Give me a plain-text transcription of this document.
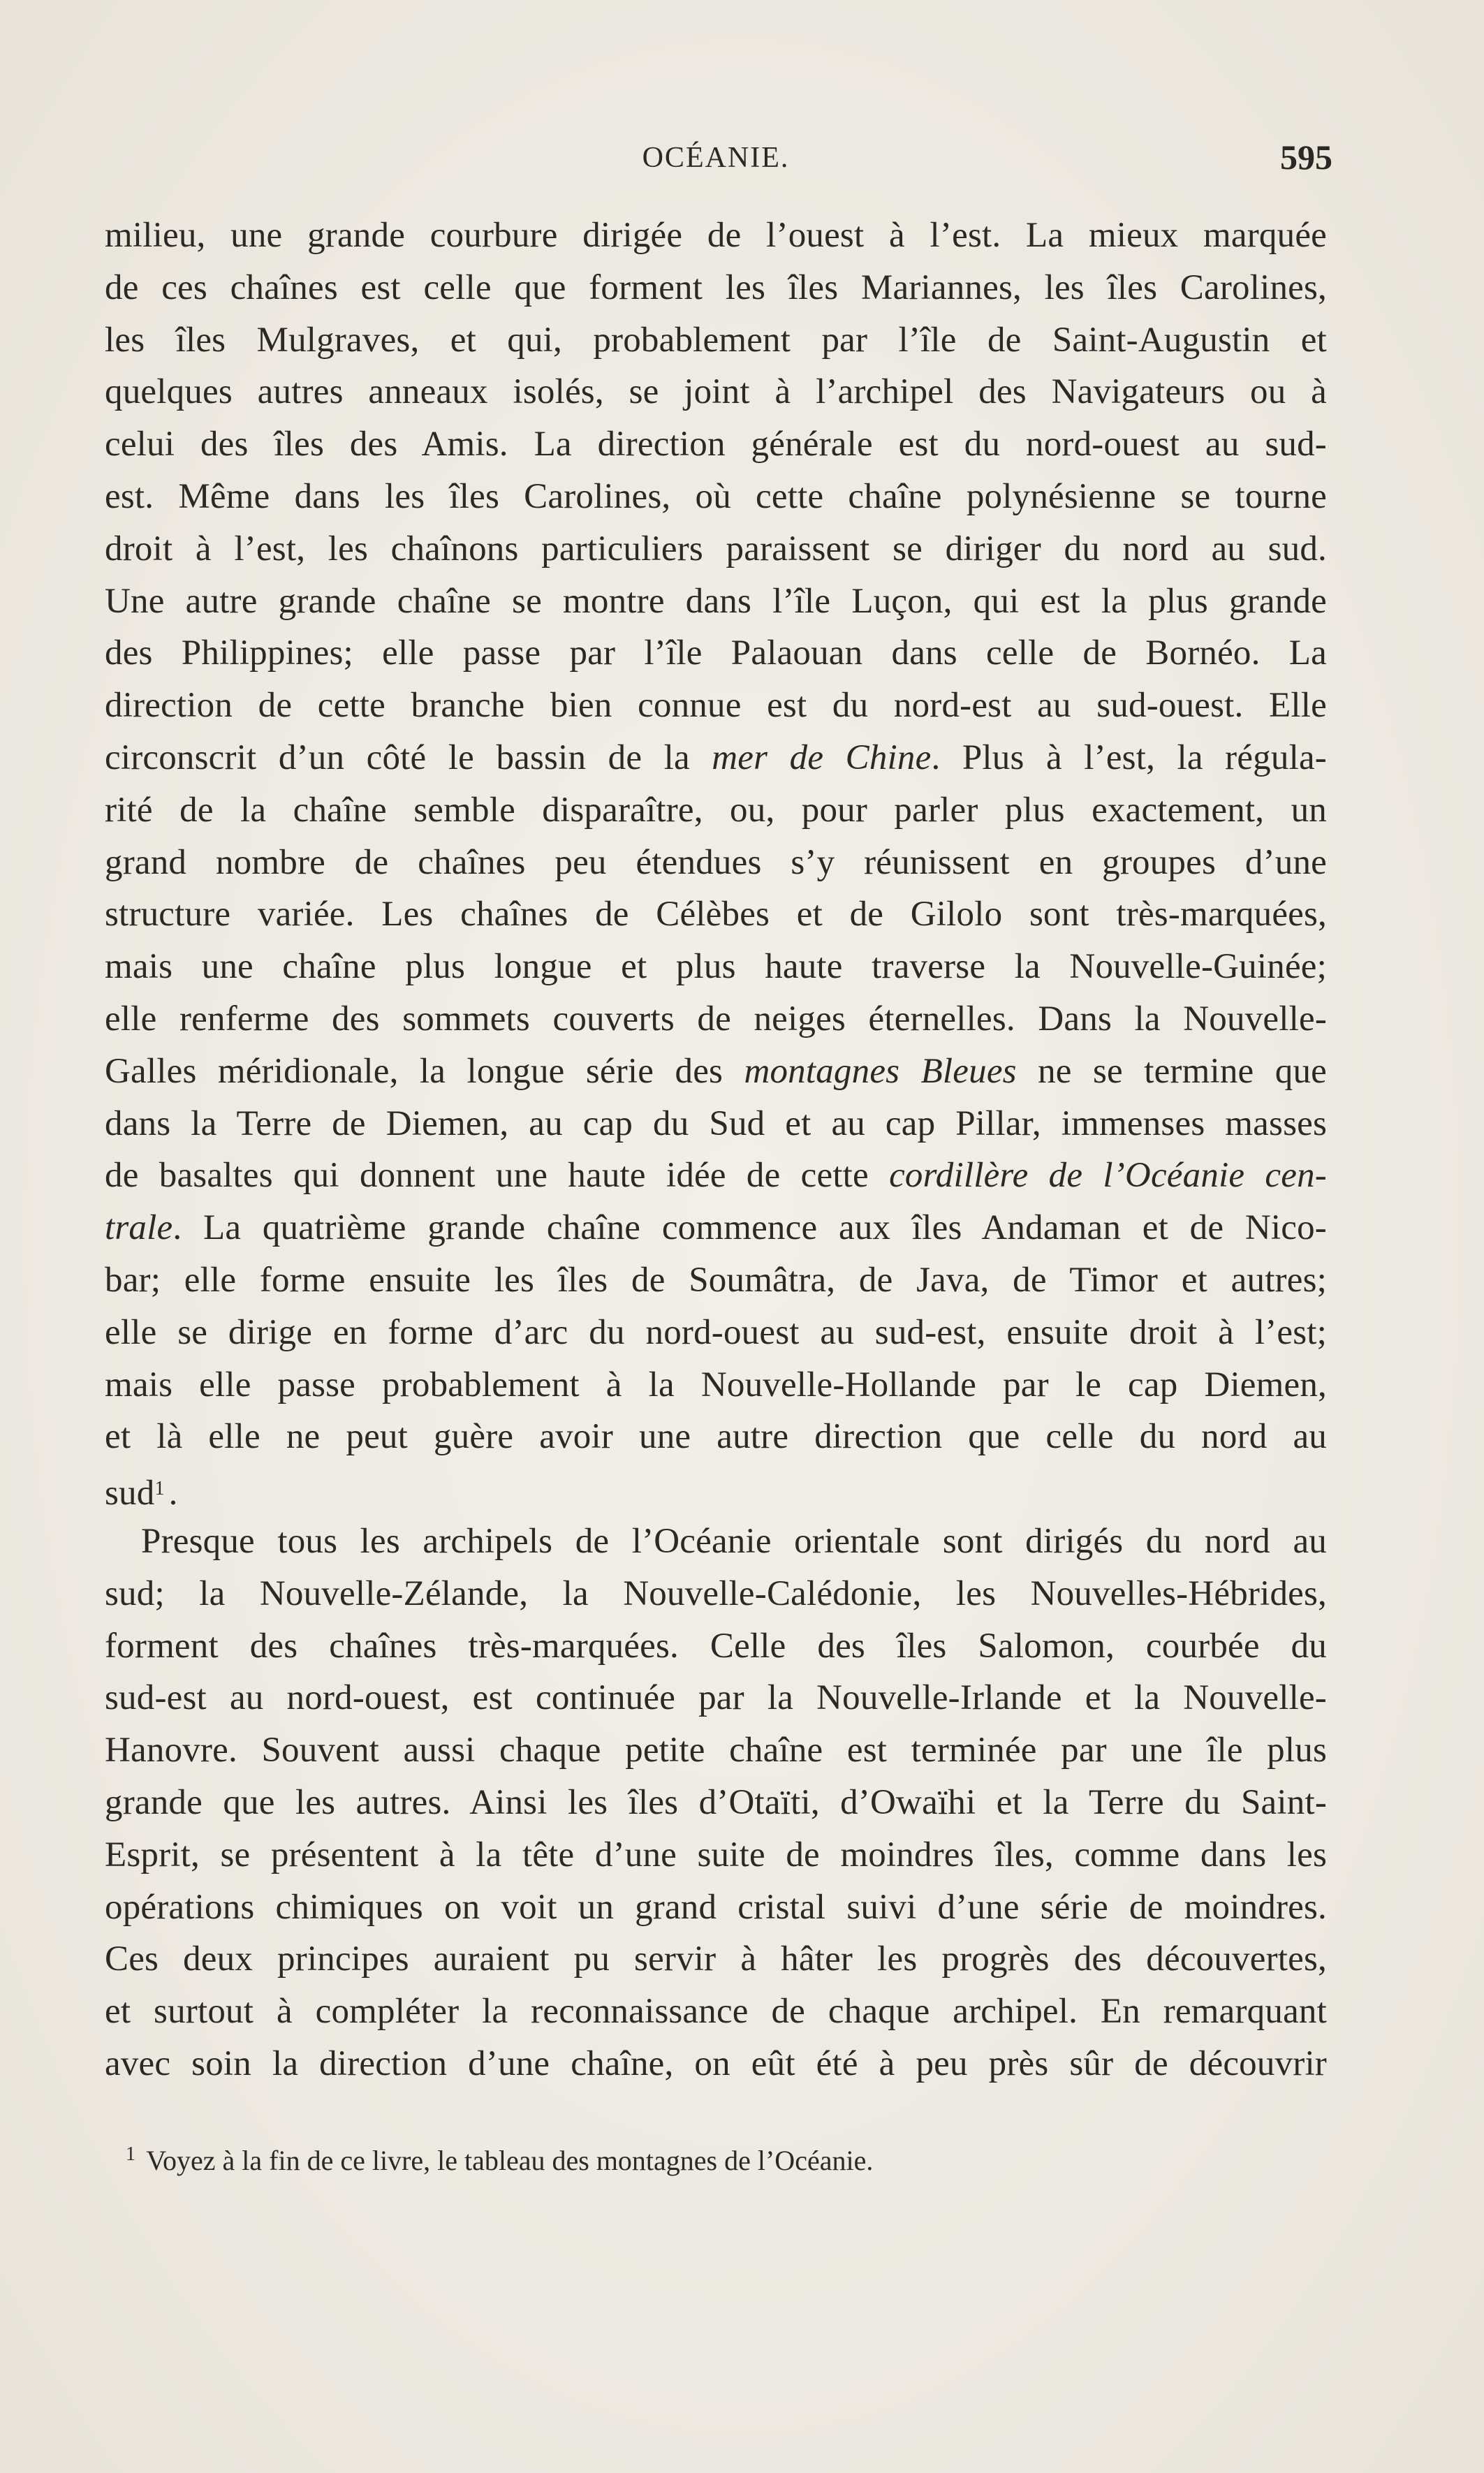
OCÉANIE.	595
milieu, une grande courbure dirigée de l’ouest à l’est. La mieux marquée
de ces chaînes est celle que forment les îles Mariannes, les îles Carolines,
les îles Mulgraves, et qui, probablement par l’île de Saint-Augustin et
quelques autres anneaux isolés, se joint à l’archipel des Navigateurs ou à
celui des îles des Amis. La direction générale est du nord-ouest au sud-
est. Même dans les îles Carolines, où cette chaîne polynésienne se tourne
droit à l’est, les chaînons particuliers paraissent se diriger du nord au sud.
Une autre grande chaîne se montre dans l’île Luçon, qui est la plus grande
des Philippines; elle passe par l’île Palaouan dans celle de Bornéo. La
direction de cette branche bien connue est du nord-est au sud-ouest. Elle
circonscrit d’un côté le bassin de la mer de Chine. Plus à l’est, la régula-
rité de la chaîne semble disparaître, ou, pour parler plus exactement, un
grand nombre de chaînes peu étendues s’y réunissent en groupes d’une
structure variée. Les chaînes de Célèbes et de Gilolo sont très-marquées,
mais une chaîne plus longue et plus haute traverse la Nouvelle-Guinée;
elle renferme des sommets couverts de neiges éternelles. Dans la Nouvelle-
Galles méridionale, la longue série des montagnes Bleues ne se termine que
dans la Terre de Diemen, au cap du Sud et au cap Pillar, immenses masses
de basaltes qui donnent une haute idée de cette cordillère de l’Océanie cen-
trale. La quatrième grande chaîne commence aux îles Andaman et de Nico-
bar; elle forme ensuite les îles de Soumâtra, de Java, de Timor et autres;
elle se dirige en forme d’arc du nord-ouest au sud-est, ensuite droit à l’est;
mais elle passe probablement à la Nouvelle-Hollande par le cap Diemen,
et là elle ne peut guère avoir une autre direction que celle du nord au
sud$^1$ .
Presque tous les archipels de l’Océanie orientale sont dirigés du nord au
sud; la Nouvelle-Zélande, la Nouvelle-Calédonie, les Nouvelles-Hébrides,
forment des chaînes très-marquées. Celle des îles Salomon, courbée du
sud-est au nord-ouest, est continuée par la Nouvelle-Irlande et la Nouvelle-
Hanovre. Souvent aussi chaque petite chaîne est terminée par une île plus
grande que les autres. Ainsi les îles d’Otaïti, d’Owaïhi et la Terre du Saint-
Esprit, se présentent à la tête d’une suite de moindres îles, comme dans les
opérations chimiques on voit un grand cristal suivi d’une série de moindres.
Ces deux principes auraient pu servir à hâter les progrès des découvertes,
et surtout à compléter la reconnaissance de chaque archipel. En remarquant
avec soin la direction d’une chaîne, on eût été à peu près sûr de découvrir
$^1$ Voyez à la fin de ce livre, le tableau des montagnes de l’Océanie.
